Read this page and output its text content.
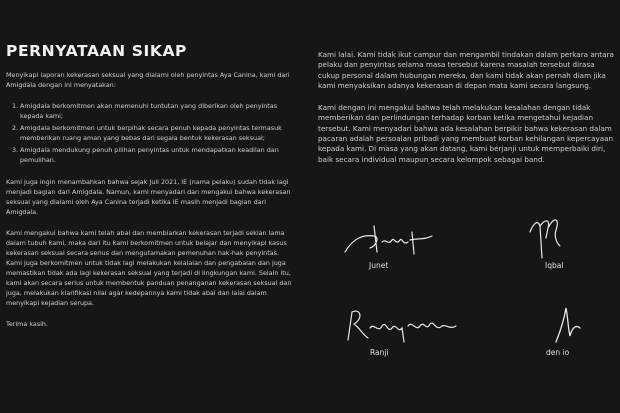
PERNYATAAN SIKAP
Menyikapi laporan kekerasan seksual yang dialami oleh penyintas Aya Canina, kami dari Amigdala dengan ini menyatakan:
1. Amigdala berkomitmen akan memenuhi tuntutan yang diberikan oleh penyintas kepada kami;
2. Amigdala berkomitmen untuk berpihak secara penuh kepada penyintas termasuk memberikan ruang aman yang bebas dari segala bentuk kekerasan seksual;
3. Amigdala mendukung penuh pilihan penyintas untuk mendapatkan keadilan dan pemulihan.
Kami juga ingin menambahkan bahwa sejak Juli 2021, IE (nama pelaku) sudah tidak lagi menjadi bagian dari Amigdala. Namun, kami menyadari dan mengakui bahwa kekerasan seksual yang dialami oleh Aya Canina terjadi ketika IE masih menjadi bagian dari Amigdala.
Kami mengakui bahwa kami telah abai dan membiarkan kekerasan terjadi sekian lama dalam tubuh kami, maka dari itu kami berkomitmen untuk belajar dan menyikapi kasus kekerasan seksual secara serius dan mengutamakan pemenuhan hak-hak penyintas. Kami juga berkomitmen untuk tidak lagi melakukan kelalaian dan pengabaian dan juga memastikan tidak ada lagi kekerasan seksual yang terjadi di lingkungan kami. Selain itu, kami akan secara serius untuk membentuk panduan penanganan kekerasan seksual dan juga, melakukan klarifikasi nilai agar kedepannya kami tidak abai dan lalai dalam menyikapi kejadian serupa.
Terima kasih.
Kami lalai. Kami tidak ikut campur dan mengambil tindakan dalam perkara antara pelaku dan penyintas selama masa tersebut karena masalah tersebut dirasa cukup personal dalam hubungan mereka, dan kami tidak akan pernah diam jika kami menyaksikan adanya kekerasan di depan mata kami secara langsung.
Kami dengan ini mengakui bahwa telah melakukan kesalahan dengan tidak memberikan dan perlindungan terhadap korban ketika mengetahui kejadian tersebut. Kami menyadari bahwa ada kesalahan berpikir bahwa kekerasan dalam pacaran adalah persoalan pribadi yang membuat korban kehilangan kepercayaan kepada kami. Di masa yang akan datang, kami berjanji untuk memperbaiki diri, baik secara individual maupun secara kelompok sebagai band.
Junet	Iqbal
Ranji	den io
